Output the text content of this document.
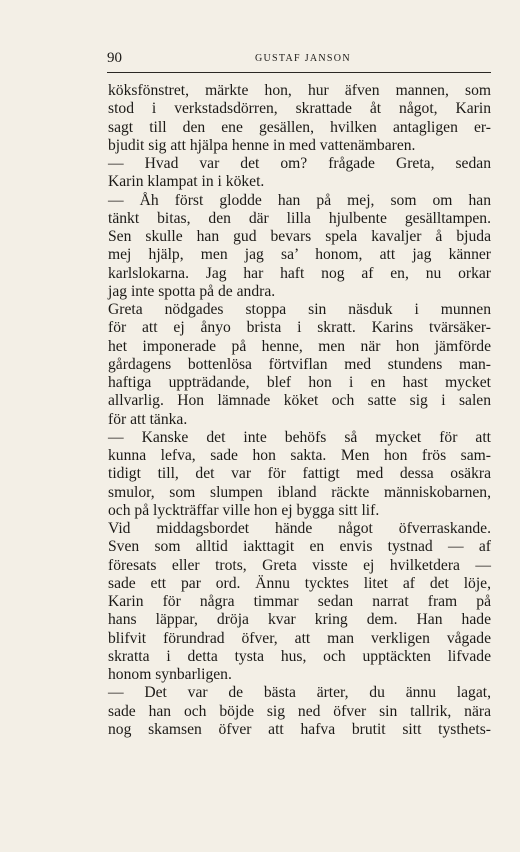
90	GUSTAF JANSON
köksfönstret, märkte hon, hur äfven mannen, som
stod i verkstadsdörren, skrattade åt något, Karin
sagt till den ene gesällen, hvilken antagligen er-
bjudit sig att hjälpa henne in med vattenämbaren.
— Hvad var det om? frågade Greta, sedan
Karin klampat in i köket.
— Åh först glodde han på mej, som om han
tänkt bitas, den där lilla hjulbente gesälltampen.
Sen skulle han gud bevars spela kavaljer å bjuda
mej hjälp, men jag sa’ honom, att jag känner
karlslokarna. Jag har haft nog af en, nu orkar
jag inte spotta på de andra.
Greta nödgades stoppa sin näsduk i munnen
för att ej ånyo brista i skratt. Karins tvärsäker-
het imponerade på henne, men när hon jämförde
gårdagens bottenlösa förtviflan med stundens man-
haftiga uppträdande, blef hon i en hast mycket
allvarlig. Hon lämnade köket och satte sig i salen
för att tänka.
— Kanske det inte behöfs så mycket för att
kunna lefva, sade hon sakta. Men hon frös sam-
tidigt till, det var för fattigt med dessa osäkra
smulor, som slumpen ibland räckte människobarnen,
och på lyckträffar ville hon ej bygga sitt lif.
Vid middagsbordet hände något öfverraskande.
Sven som alltid iakttagit en envis tystnad — af
föresats eller trots, Greta visste ej hvilketdera —
sade ett par ord. Ännu tycktes litet af det löje,
Karin för några timmar sedan narrat fram på
hans läppar, dröja kvar kring dem. Han hade
blifvit förundrad öfver, att man verkligen vågade
skratta i detta tysta hus, och upptäckten lifvade
honom synbarligen.
— Det var de bästa ärter, du ännu lagat,
sade han och böjde sig ned öfver sin tallrik, nära
nog skamsen öfver att hafva brutit sitt tysthets-
